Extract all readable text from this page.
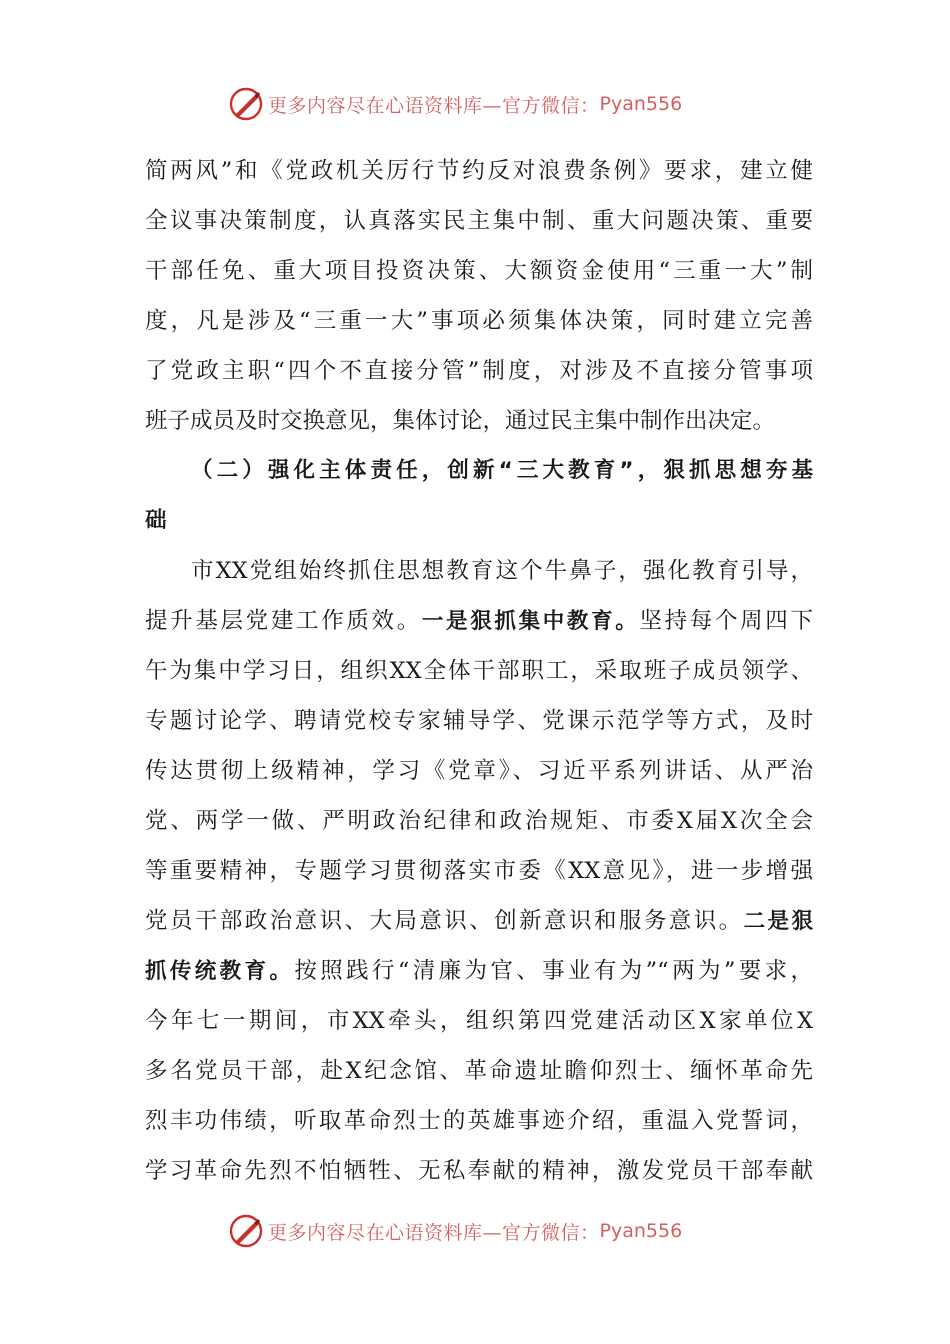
更多内容尽在心语资料库—官方微信： Pyan556
简两风”和《党政机关厉行节约反对浪费条例》要求，建立健
全议事决策制度，认真落实民主集中制、重大问题决策、重要
干部任免、重大项目投资决策、大额资金使用“三重一大”制
度，凡是涉及“三重一大”事项必须集体决策，同时建立完善
了党政主职“四个不直接分管”制度，对涉及不直接分管事项
班子成员及时交换意见，集体讨论，通过民主集中制作出决定。
（二）强化主体责任，创新“三大教育”，狠抓思想夯基
础
市XX党组始终抓住思想教育这个牛鼻子，强化教育引导，
提升基层党建工作质效。一是狠抓集中教育。坚持每个周四下
午为集中学习日，组织XX全体干部职工，采取班子成员领学、
专题讨论学、聘请党校专家辅导学、党课示范学等方式，及时
传达贯彻上级精神，学习《党章》、习近平系列讲话、从严治
党、两学一做、严明政治纪律和政治规矩、市委X届X次全会
等重要精神，专题学习贯彻落实市委《XX意见》，进一步增强
党员干部政治意识、大局意识、创新意识和服务意识。二是狠
抓传统教育。按照践行“清廉为官、事业有为”“两为”要求，
今年七一期间，市XX牵头，组织第四党建活动区X家单位X
多名党员干部，赴X纪念馆、革命遗址瞻仰烈士、缅怀革命先
烈丰功伟绩，听取革命烈士的英雄事迹介绍，重温入党誓词，
学习革命先烈不怕牺牲、无私奉献的精神，激发党员干部奉献
更多内容尽在心语资料库—官方微信： Pyan556
